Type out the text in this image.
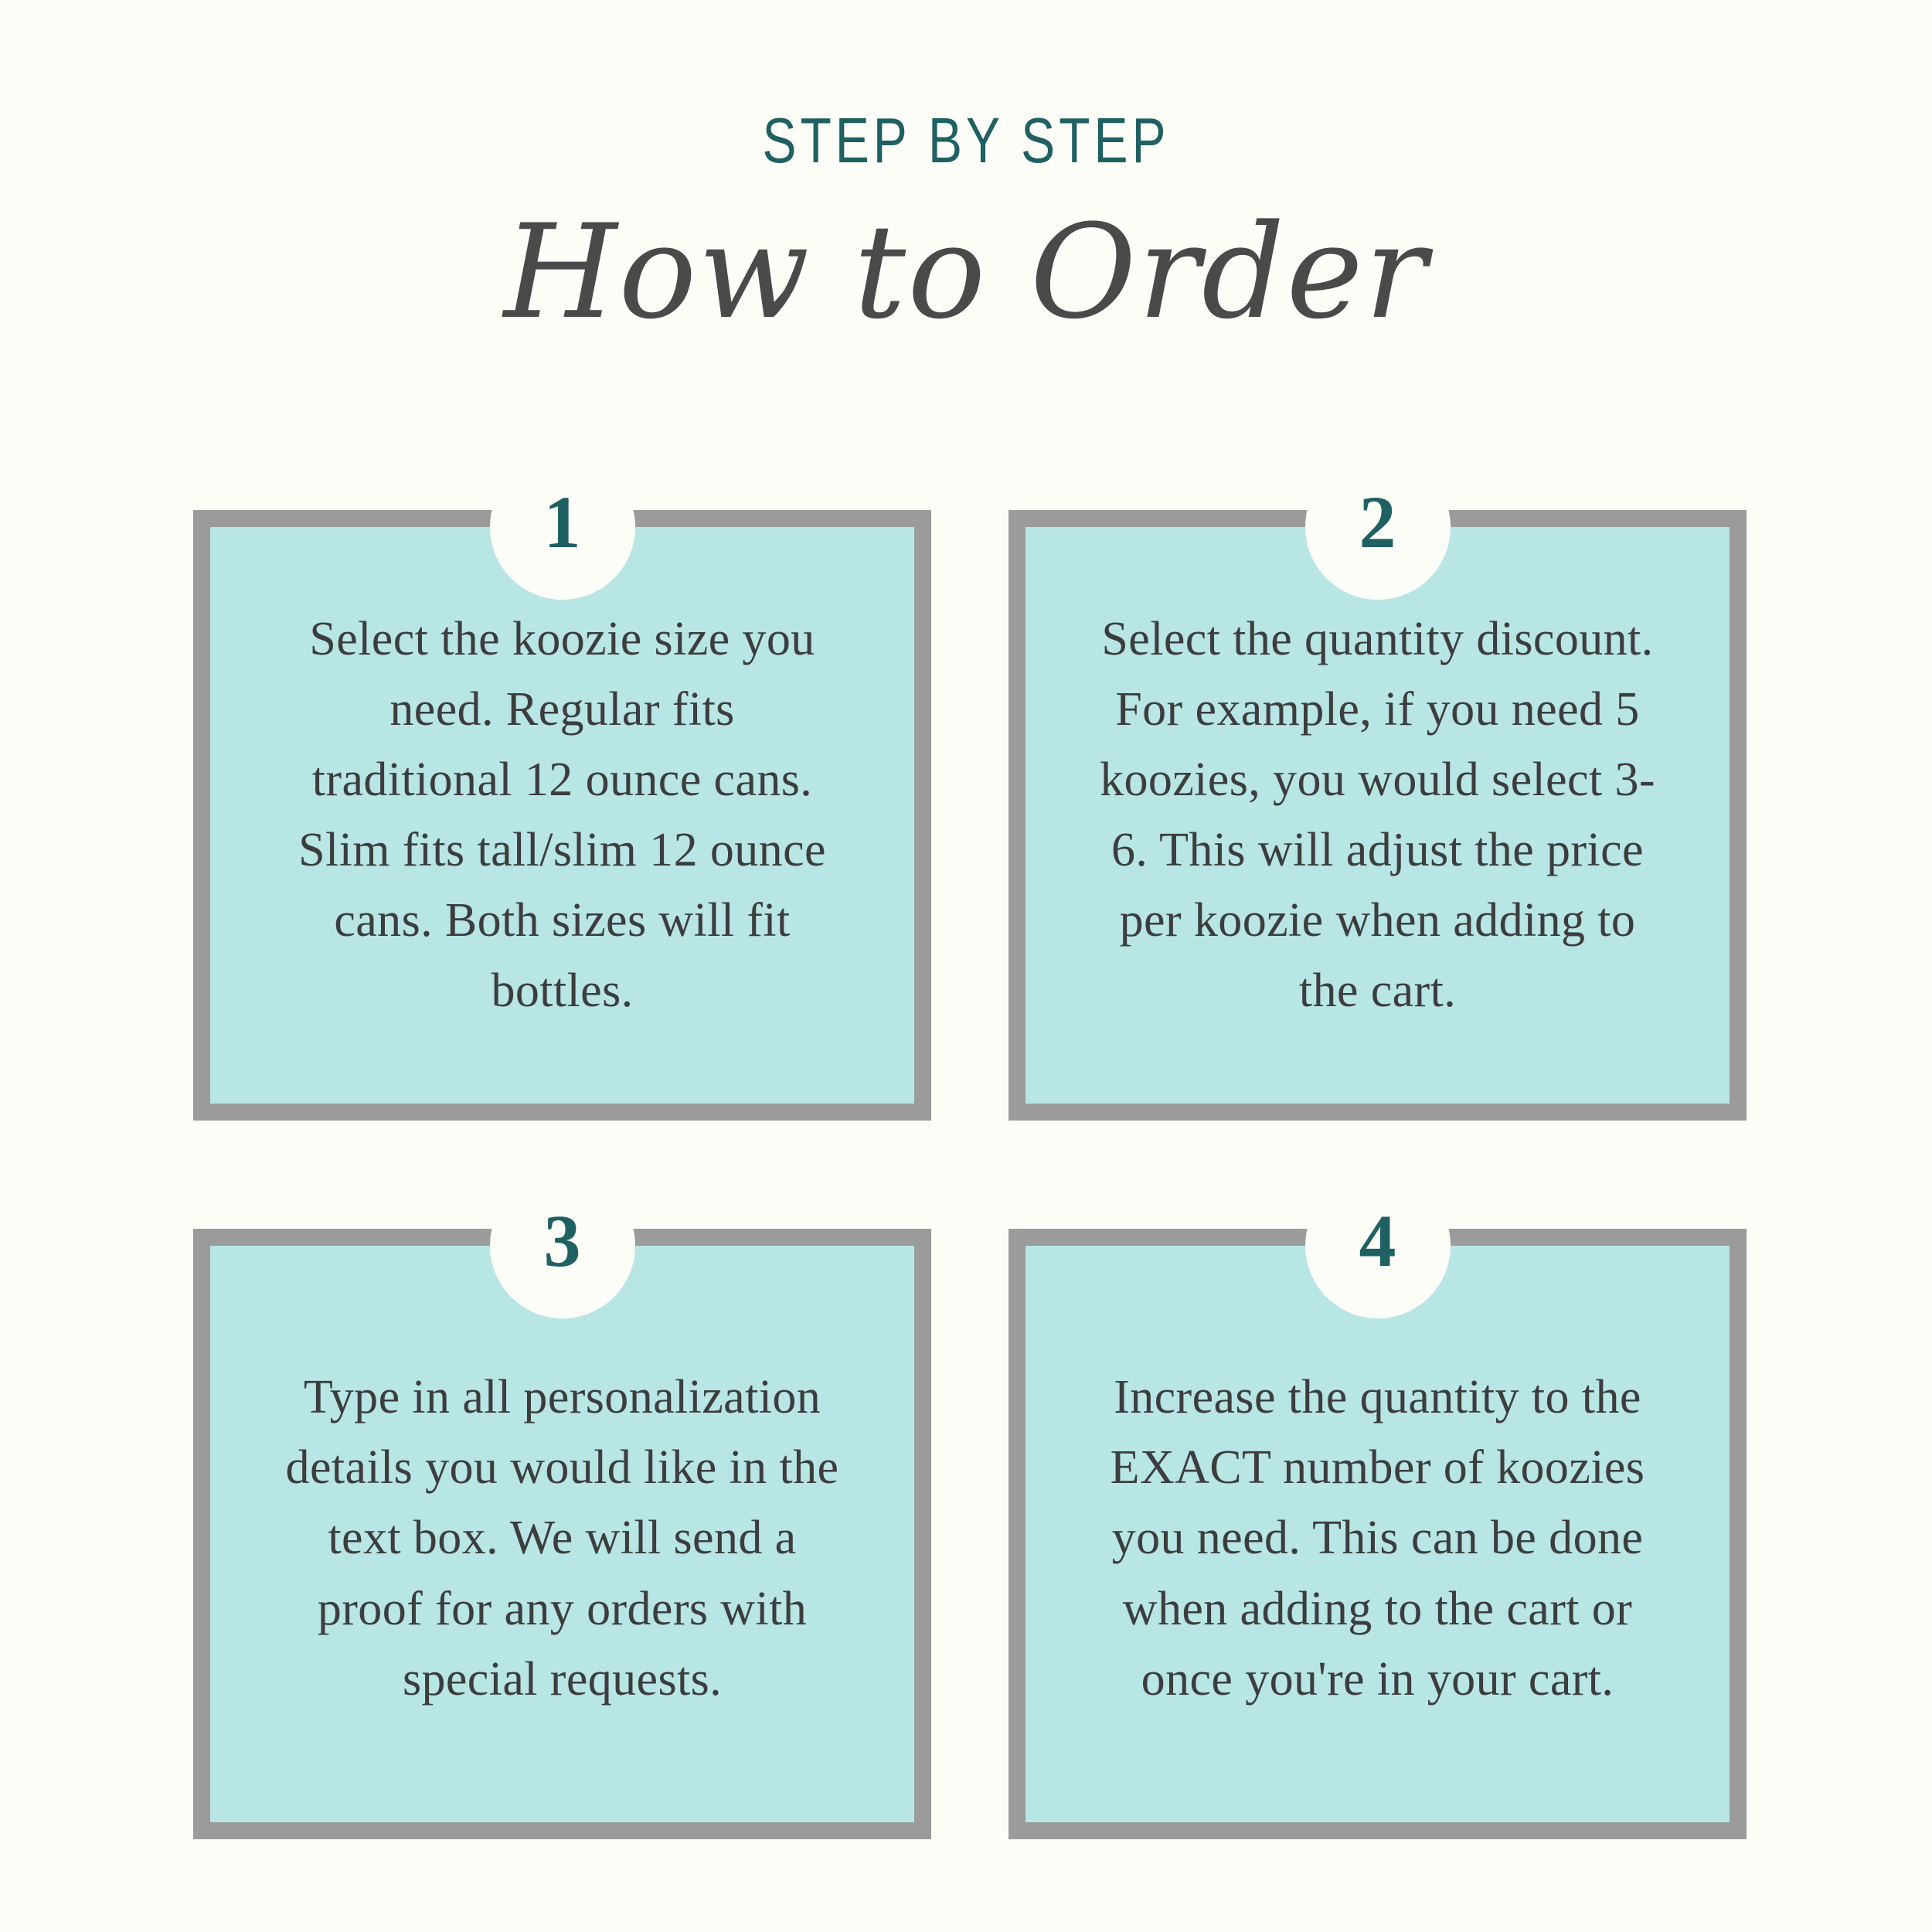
STEP BY STEP
How to Order
Select the koozie size you need. Regular fits traditional 12 ounce cans. Slim fits tall/slim 12 ounce cans. Both sizes will fit bottles.
1
Select the quantity discount. For example, if you need 5 koozies, you would select 3-6. This will adjust the price per koozie when adding to the cart.
2
Type in all personalization details you would like in the text box. We will send a proof for any orders with special requests.
3
Increase the quantity to the EXACT number of koozies you need. This can be done when adding to the cart or once you're in your cart.
4
